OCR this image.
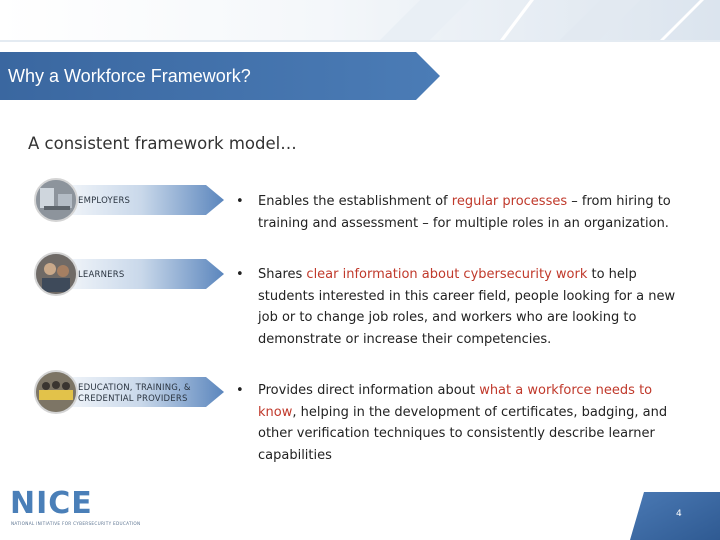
Why a Workforce Framework?
A consistent framework model…
EMPLOYERS	•	Enables the establishment of regular processes – from hiring to training and assessment – for multiple roles in an organization.
LEARNERS	•	Shares clear information about cybersecurity work to help students interested in this career field, people looking for a new job or to change job roles, and workers who are looking to demonstrate or increase their competencies.
EDUCATION, TRAINING, & CREDENTIAL PROVIDERS
•	Provides direct information about what a workforce needs to know, helping in the development of certificates, badging, and other verification techniques to consistently describe learner capabilities
NICE
NATIONAL INITIATIVE FOR CYBERSECURITY EDUCATION
4
